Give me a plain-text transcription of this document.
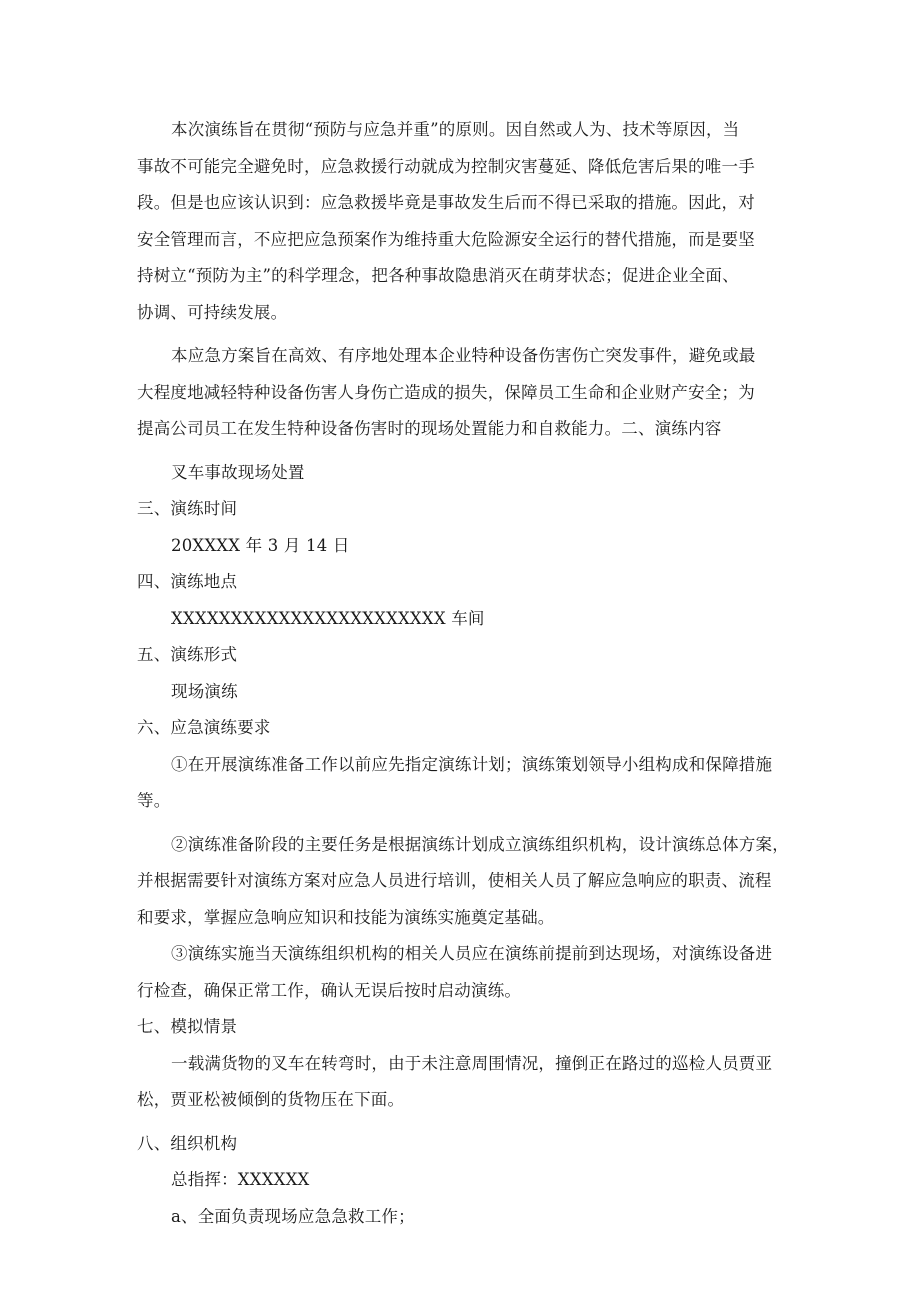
本次演练旨在贯彻“预防与应急并重”的原则。因自然或人为、技术等原因，当
事故不可能完全避免时，应急救援行动就成为控制灾害蔓延、降低危害后果的唯一手
段。但是也应该认识到：应急救援毕竟是事故发生后而不得已采取的措施。因此，对
安全管理而言，不应把应急预案作为维持重大危险源安全运行的替代措施，而是要坚
持树立“预防为主”的科学理念，把各种事故隐患消灭在萌芽状态；促进企业全面、
协调、可持续发展。
本应急方案旨在高效、有序地处理本企业特种设备伤害伤亡突发事件，避免或最
大程度地减轻特种设备伤害人身伤亡造成的损失，保障员工生命和企业财产安全；为
提高公司员工在发生特种设备伤害时的现场处置能力和自救能力。二、演练内容
叉车事故现场处置
三、演练时间
20XXXX 年 3 月 14 日
四、演练地点
XXXXXXXXXXXXXXXXXXXXXXX 车间
五、演练形式
现场演练
六、应急演练要求
①在开展演练准备工作以前应先指定演练计划；演练策划领导小组构成和保障措施
等。
②演练准备阶段的主要任务是根据演练计划成立演练组织机构，设计演练总体方案，
并根据需要针对演练方案对应急人员进行培训，使相关人员了解应急响应的职责、流程
和要求，掌握应急响应知识和技能为演练实施奠定基础。
③演练实施当天演练组织机构的相关人员应在演练前提前到达现场，对演练设备进
行检查，确保正常工作，确认无误后按时启动演练。
七、模拟情景
一载满货物的叉车在转弯时，由于未注意周围情况，撞倒正在路过的巡检人员贾亚
松，贾亚松被倾倒的货物压在下面。
八、组织机构
总指挥：XXXXXX
a、全面负责现场应急急救工作；
